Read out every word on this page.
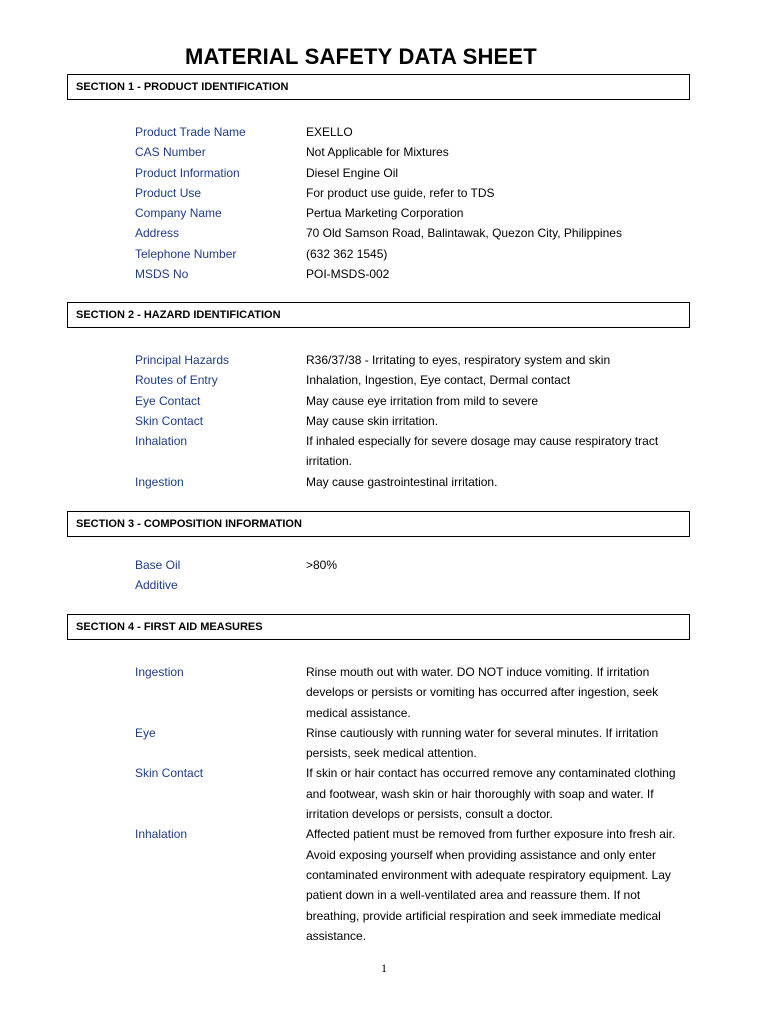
MATERIAL SAFETY DATA SHEET
SECTION 1 - PRODUCT IDENTIFICATION
Product Trade Name	EXELLO
CAS Number	Not Applicable for Mixtures
Product Information	Diesel Engine Oil
Product Use	For product use guide, refer to TDS
Company Name	Pertua Marketing Corporation
Address	70 Old Samson Road, Balintawak, Quezon City, Philippines
Telephone Number	(632 362 1545)
MSDS No	POI-MSDS-002
SECTION 2 - HAZARD IDENTIFICATION
Principal Hazards	R36/37/38 - Irritating to eyes, respiratory system and skin
Routes of Entry	Inhalation, Ingestion, Eye contact, Dermal contact
Eye Contact	May cause eye irritation from mild to severe
Skin Contact	May cause skin irritation.
Inhalation	If inhaled especially for severe dosage may cause respiratory tract irritation.
Ingestion	May cause gastrointestinal irritation.
SECTION 3 - COMPOSITION INFORMATION
Base Oil	>80%
Additive
SECTION 4 - FIRST AID MEASURES
Ingestion	Rinse mouth out with water. DO NOT induce vomiting. If irritation develops or persists or vomiting has occurred after ingestion, seek medical assistance.
Eye	Rinse cautiously with running water for several minutes. If irritation persists, seek medical attention.
Skin Contact	If skin or hair contact has occurred remove any contaminated clothing and footwear, wash skin or hair thoroughly with soap and water. If irritation develops or persists, consult a doctor.
Inhalation	Affected patient must be removed from further exposure into fresh air. Avoid exposing yourself when providing assistance and only enter contaminated environment with adequate respiratory equipment. Lay patient down in a well-ventilated area and reassure them. If not breathing, provide artificial respiration and seek immediate medical assistance.
1
